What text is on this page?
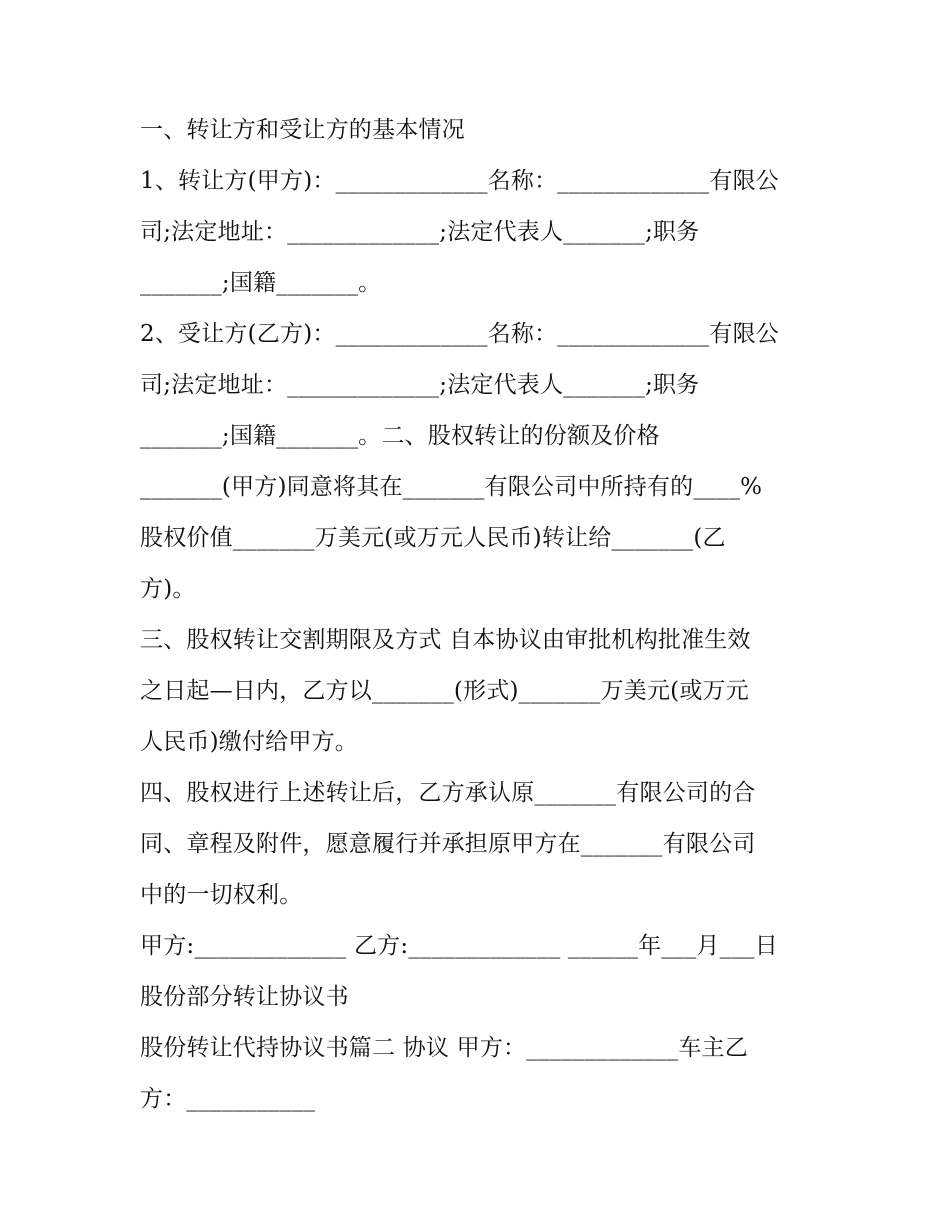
一、转让方和受让方的基本情况
1、转让方(甲方)：_____________名称：_____________有限公
司;法定地址：_____________;法定代表人_______;职务
_______;国籍_______。
2、受让方(乙方)：_____________名称：_____________有限公
司;法定地址：_____________;法定代表人_______;职务
_______;国籍_______。二、股权转让的份额及价格
_______(甲方)同意将其在_______有限公司中所持有的____%
股权价值_______万美元(或万元人民币)转让给_______(乙
方)。
三、股权转让交割期限及方式 自本协议由审批机构批准生效
之日起—日内，乙方以_______(形式)_______万美元(或万元
人民币)缴付给甲方。
四、股权进行上述转让后，乙方承认原_______有限公司的合
同、章程及附件，愿意履行并承担原甲方在_______有限公司
中的一切权利。
甲方:_____________ 乙方:_____________ ______年___月___日
股份部分转让协议书
股份转让代持协议书篇二 协议 甲方：_____________车主乙
方：___________
